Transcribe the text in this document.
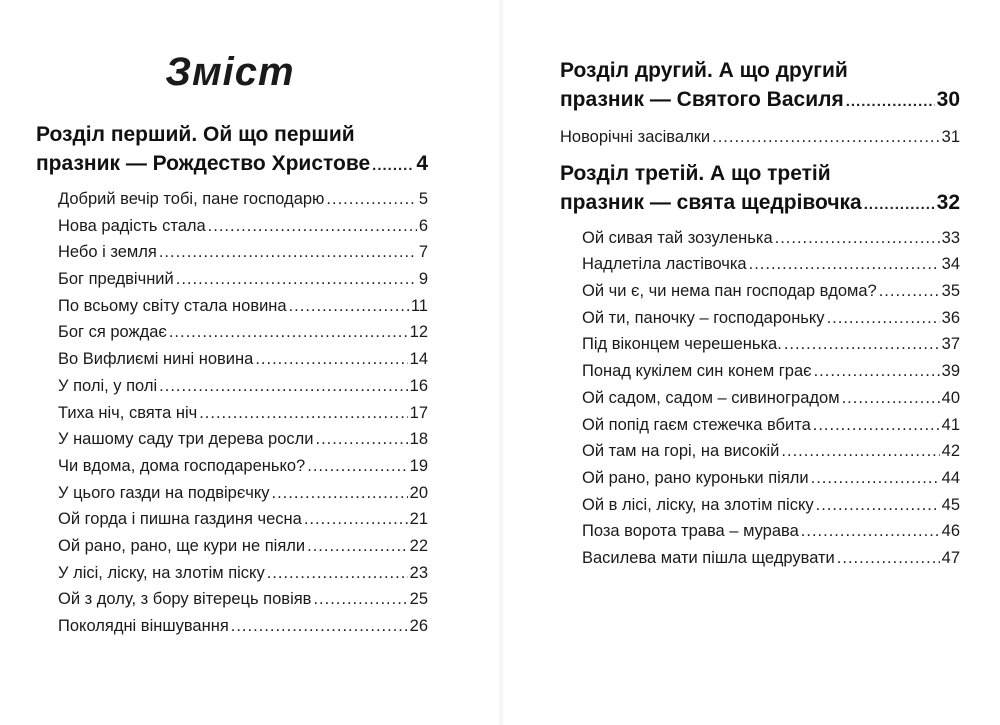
Зміст
Розділ перший. Ой що перший
празник — Рождество Христове ..... 4
Добрий вечір тобі, пане господарю .....	5
Нова радість стала .....	6
Небо і земля .....	7
Бог предвічний .....	9
По всьому світу стала новина .....	11
Бог ся рождає .....	12
Во Вифлиємі нині новина .....	14
У полі, у полі .....	16
Тиха ніч, свята ніч .....	17
У нашому саду три дерева росли .....	18
Чи вдома, дома господаренько? .....	19
У цього газди на подвірєчку .....	20
Ой горда і пишна газдиня чесна .....	21
Ой рано, рано, ще кури не піяли .....	22
У лісі, ліску, на злотім піску .....	23
Ой з долу, з бору вітерець повіяв .....	25
Поколядні віншування .....	26
Розділ другий. А що другий
празник — Святого Василя .....	30
Новорічні засівалки .....	31
Розділ третій. А що третій
празник — свята щедрівочка .....	32
Ой сивая тай зозуленька .....	33
Надлетіла ластівочка .....	34
Ой чи є, чи нема пан господар вдома? .....	35
Ой ти, паночку – господароньку .....	36
Під віконцем черешенька. .....	37
Понад кукілем син конем грає .....	39
Ой садом, садом – сивиноградом .....	40
Ой попід гаєм стежечка вбита .....	41
Ой там на горі, на високій .....	42
Ой рано, рано куроньки піяли .....	44
Ой в лісі, ліску, на злотім піску .....	45
Поза ворота трава – мурава .....	46
Василева мати пішла щедрувати .....	47
